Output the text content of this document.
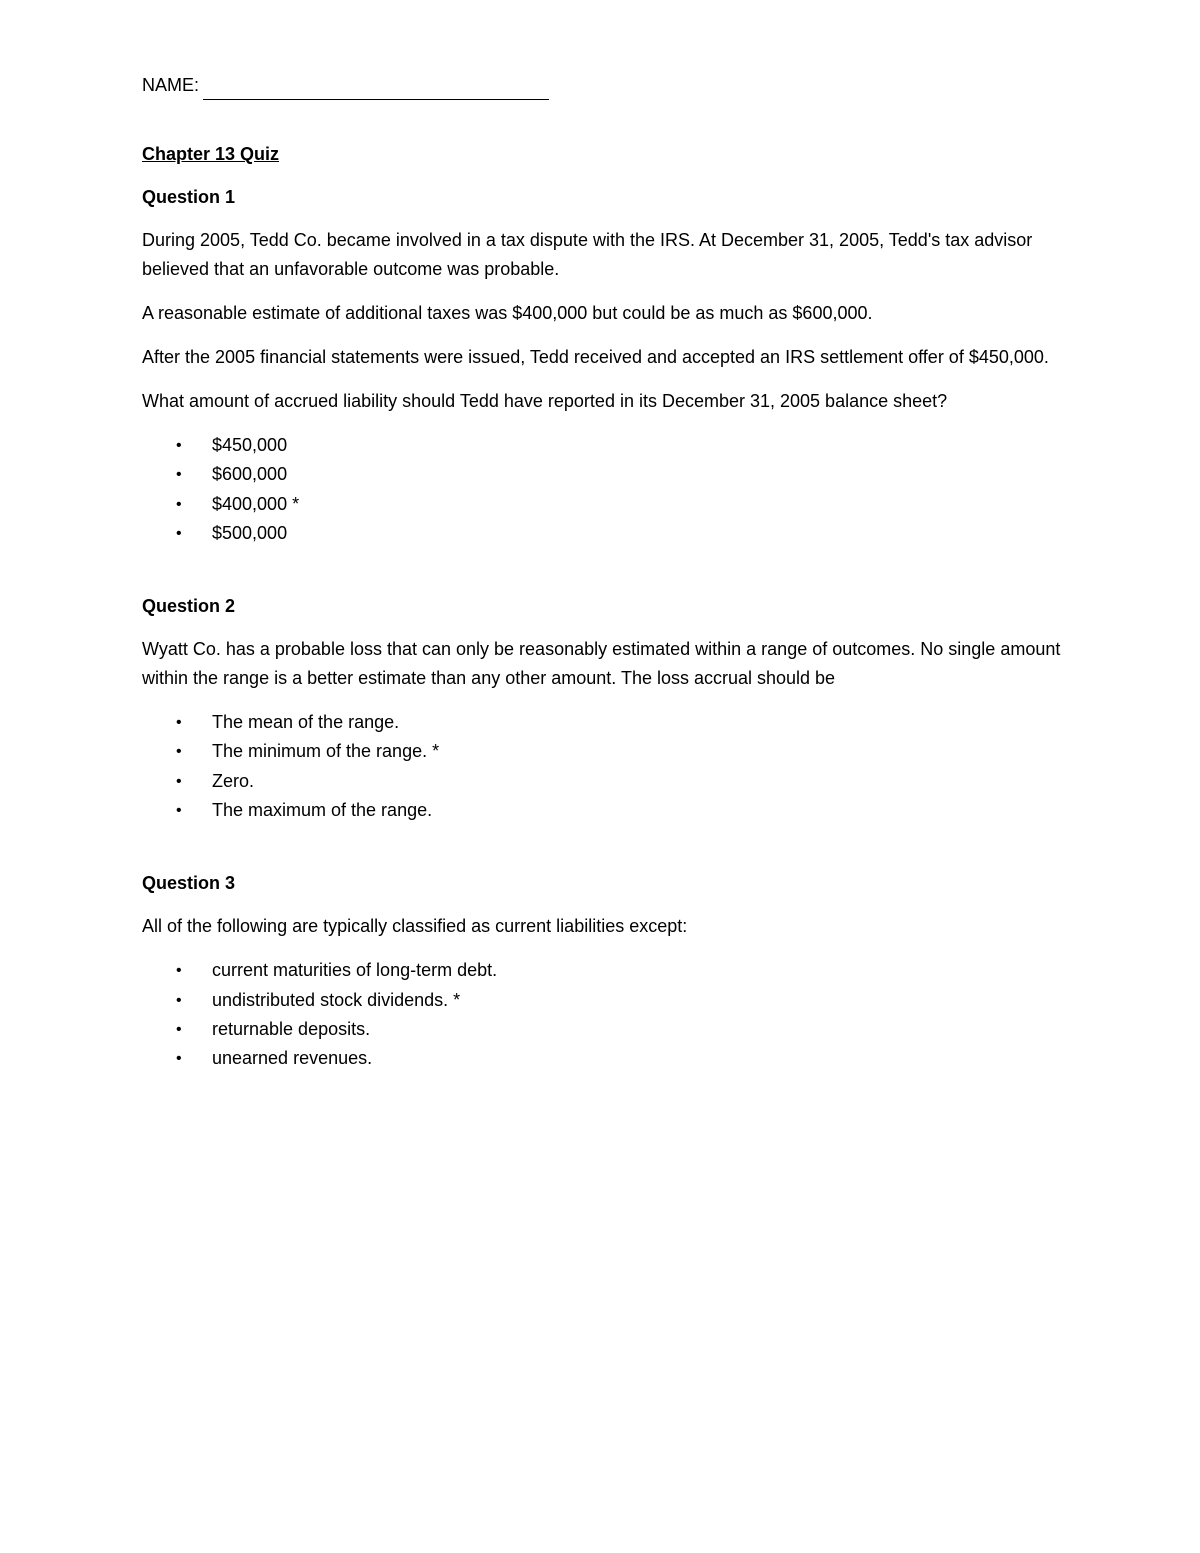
NAME:
Chapter 13 Quiz
Question 1

During 2005, Tedd Co. became involved in a tax dispute with the IRS. At December 31, 2005, Tedd's tax advisor believed that an unfavorable outcome was probable.

A reasonable estimate of additional taxes was $400,000 but could be as much as $600,000.

After the 2005 financial statements were issued, Tedd received and accepted an IRS settlement offer of $450,000.

What amount of accrued liability should Tedd have reported in its December 31, 2005 balance sheet?

• $450,000
• $600,000
• $400,000 *
• $500,000
Question 2

Wyatt Co. has a probable loss that can only be reasonably estimated within a range of outcomes. No single amount within the range is a better estimate than any other amount. The loss accrual should be

• The mean of the range.
• The minimum of the range. *
• Zero.
• The maximum of the range.
Question 3

All of the following are typically classified as current liabilities except:

• current maturities of long-term debt.
• undistributed stock dividends. *
• returnable deposits.
• unearned revenues.
